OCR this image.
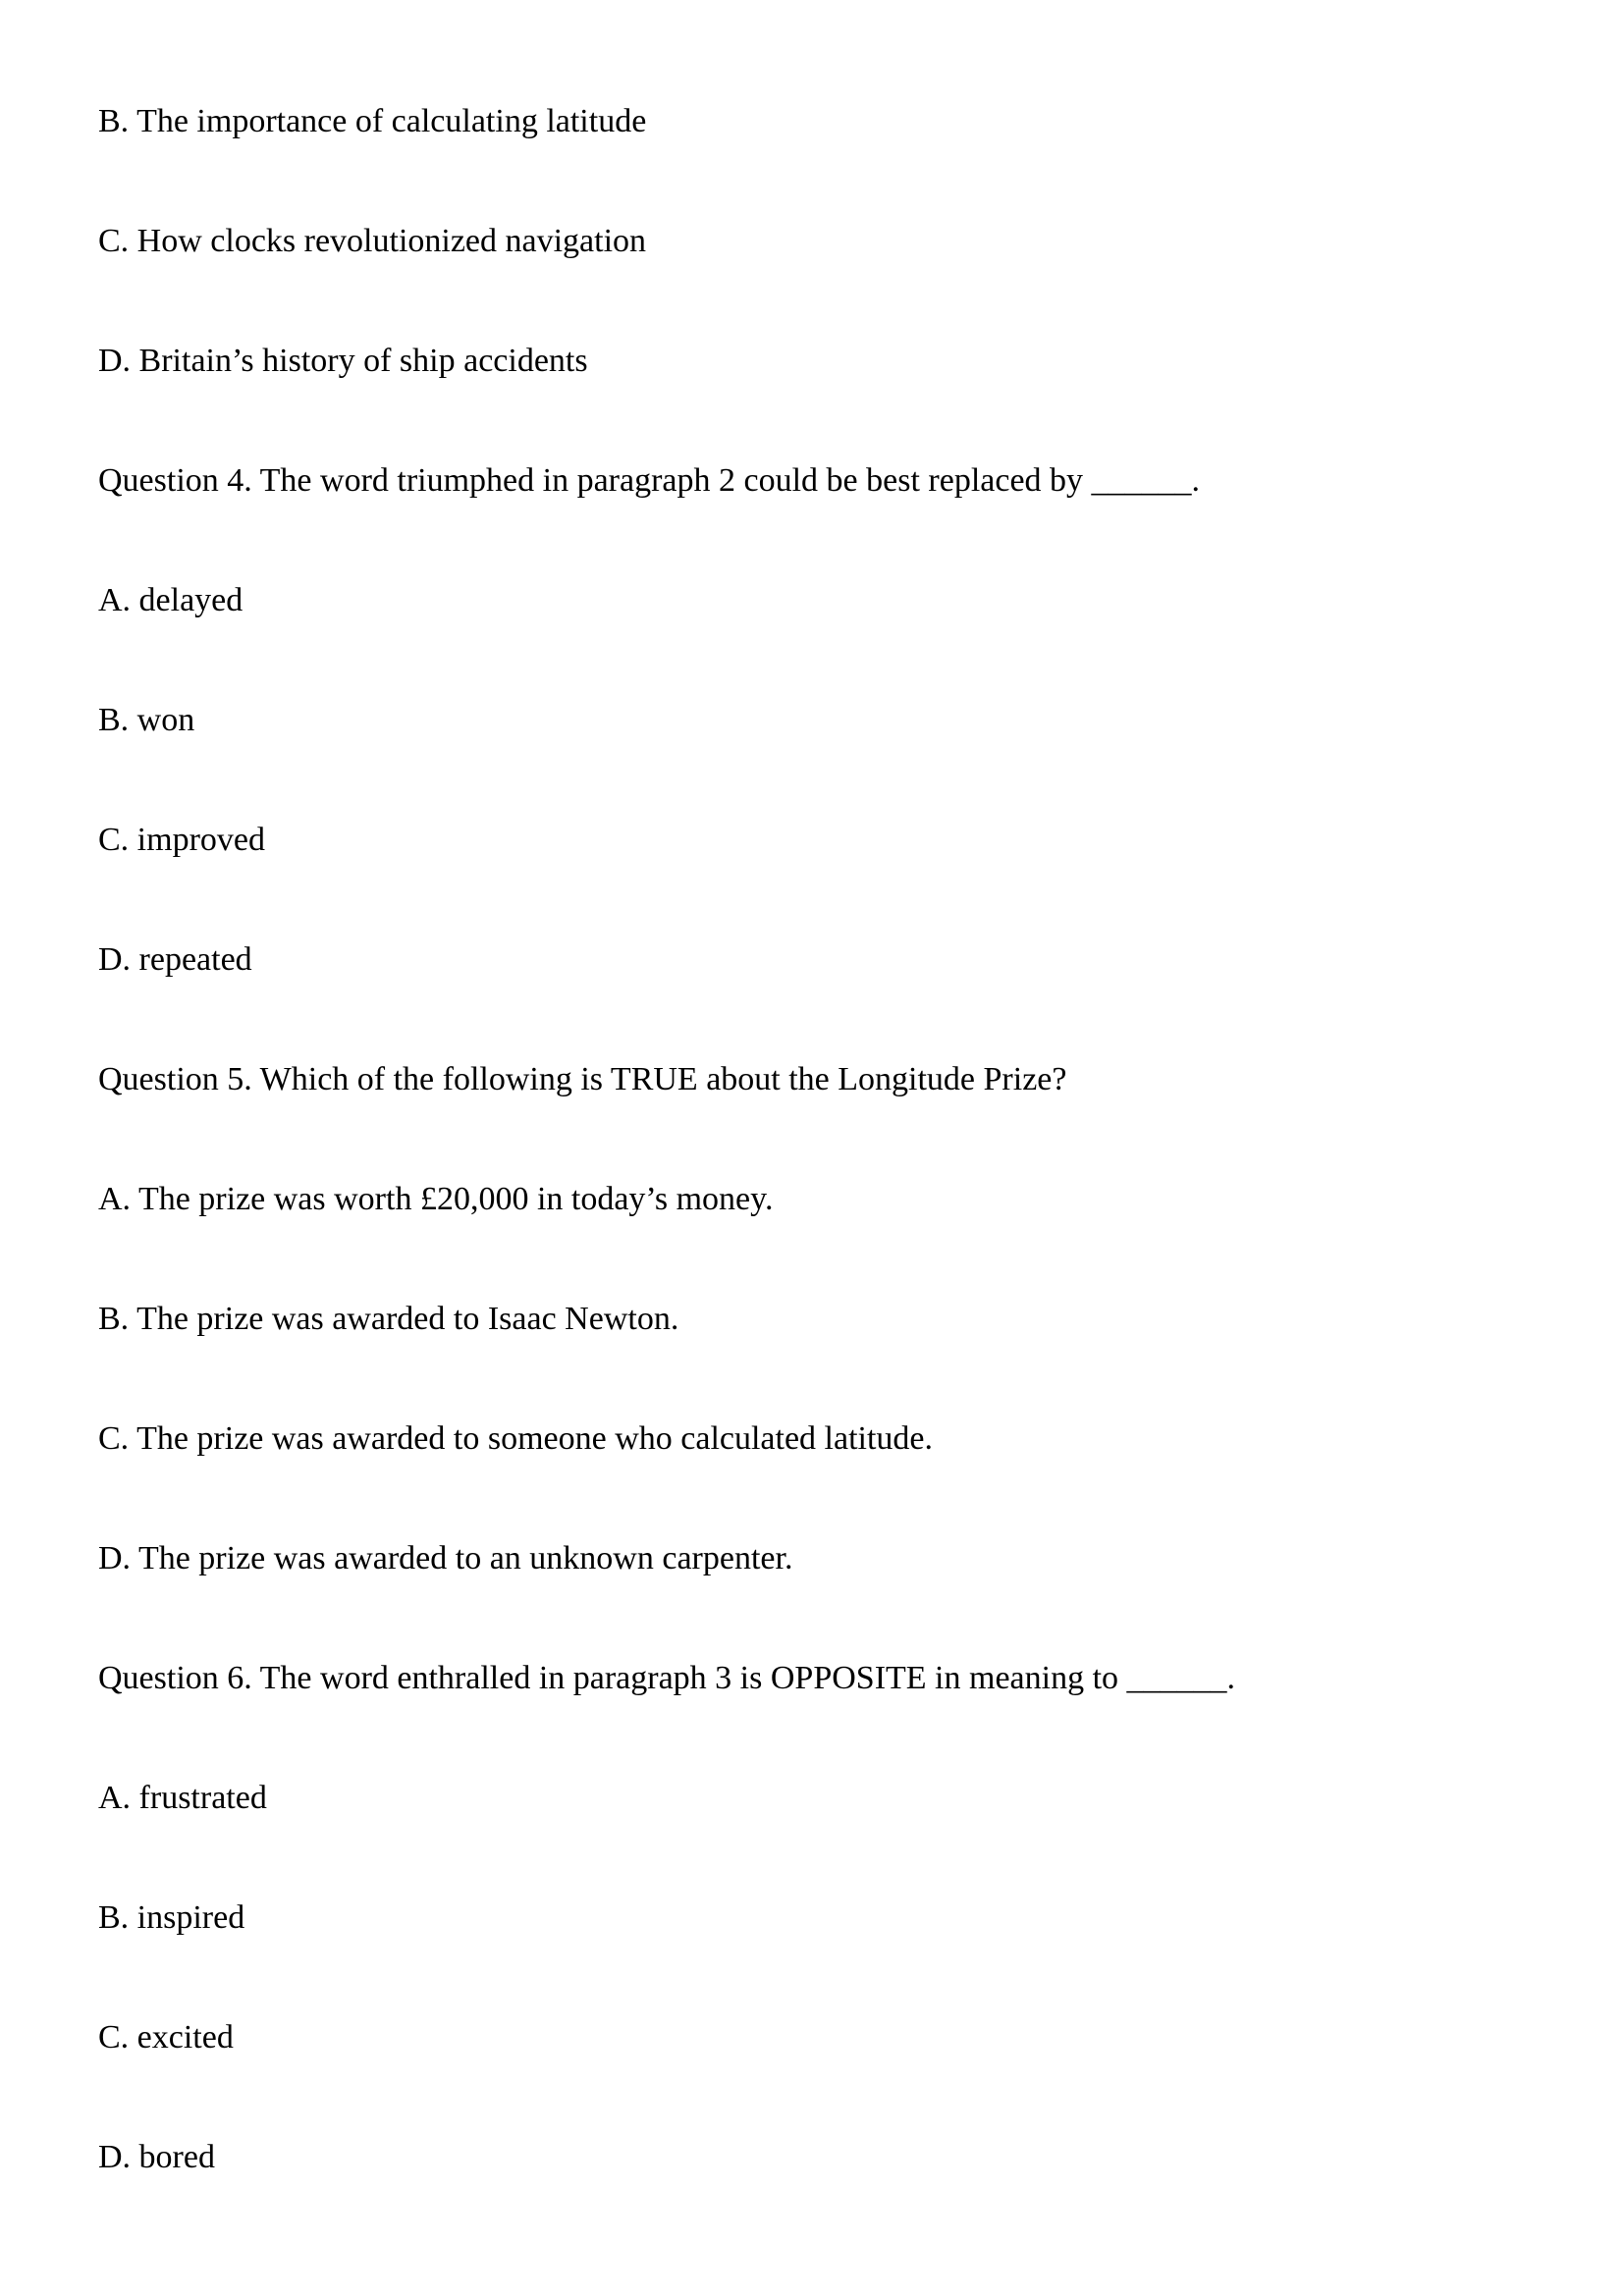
B. The importance of calculating latitude

C. How clocks revolutionized navigation

D. Britain’s history of ship accidents

Question 4. The word triumphed in paragraph 2 could be best replaced by ______.

A. delayed

B. won

C. improved

D. repeated

Question 5. Which of the following is TRUE about the Longitude Prize?

A. The prize was worth £20,000 in today’s money.

B. The prize was awarded to Isaac Newton.

C. The prize was awarded to someone who calculated latitude.

D. The prize was awarded to an unknown carpenter.

Question 6. The word enthralled in paragraph 3 is OPPOSITE in meaning to ______.

A. frustrated

B. inspired

C. excited

D. bored
